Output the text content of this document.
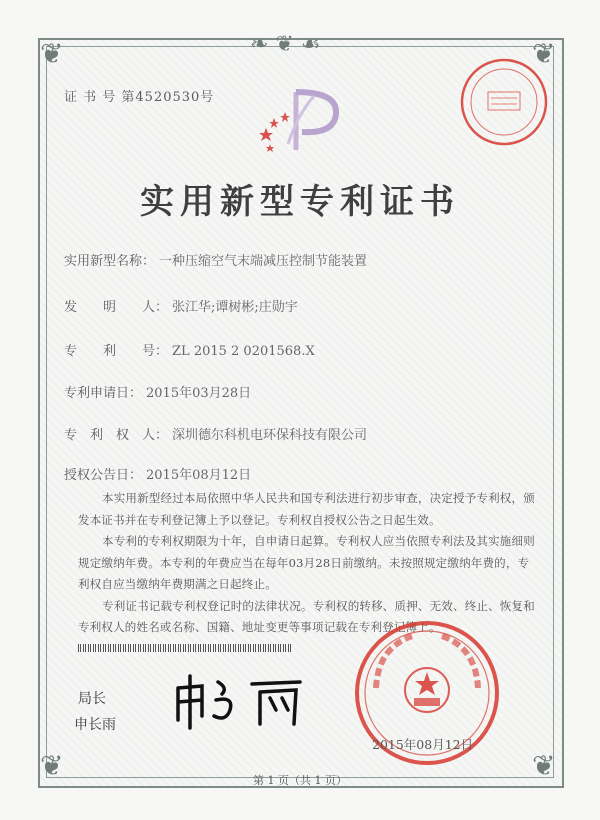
❦	❦
❦	❦
❧ ❦ ☙
证 书 号 第4520530号
实用新型专利证书
实用新型名称： 一种压缩空气末端减压控制节能装置
发　　明　　人： 张江华;谭树彬;庄勋宇
专　　利　　号： ZL 2015 2 0201568.X
专利申请日： 2015年03月28日
专　利　权　人： 深圳德尔科机电环保科技有限公司
授权公告日： 2015年08月12日

本实用新型经过本局依照中华人民共和国专利法进行初步审查，决定授予专利权，颁发本证书并在专利登记簿上予以登记。专利权自授权公告之日起生效。

本专利的专利权期限为十年，自申请日起算。专利权人应当依照专利法及其实施细则规定缴纳年费。本专利的年费应当在每年03月28日前缴纳。未按照规定缴纳年费的，专利权自应当缴纳年费期满之日起终止。

专利证书记载专利权登记时的法律状况。专利权的转移、质押、无效、终止、恢复和专利权人的姓名或名称、国籍、地址变更等事项记载在专利登记簿上。

局长
申长雨
2015年08月12日
第 1 页（共 1 页）
